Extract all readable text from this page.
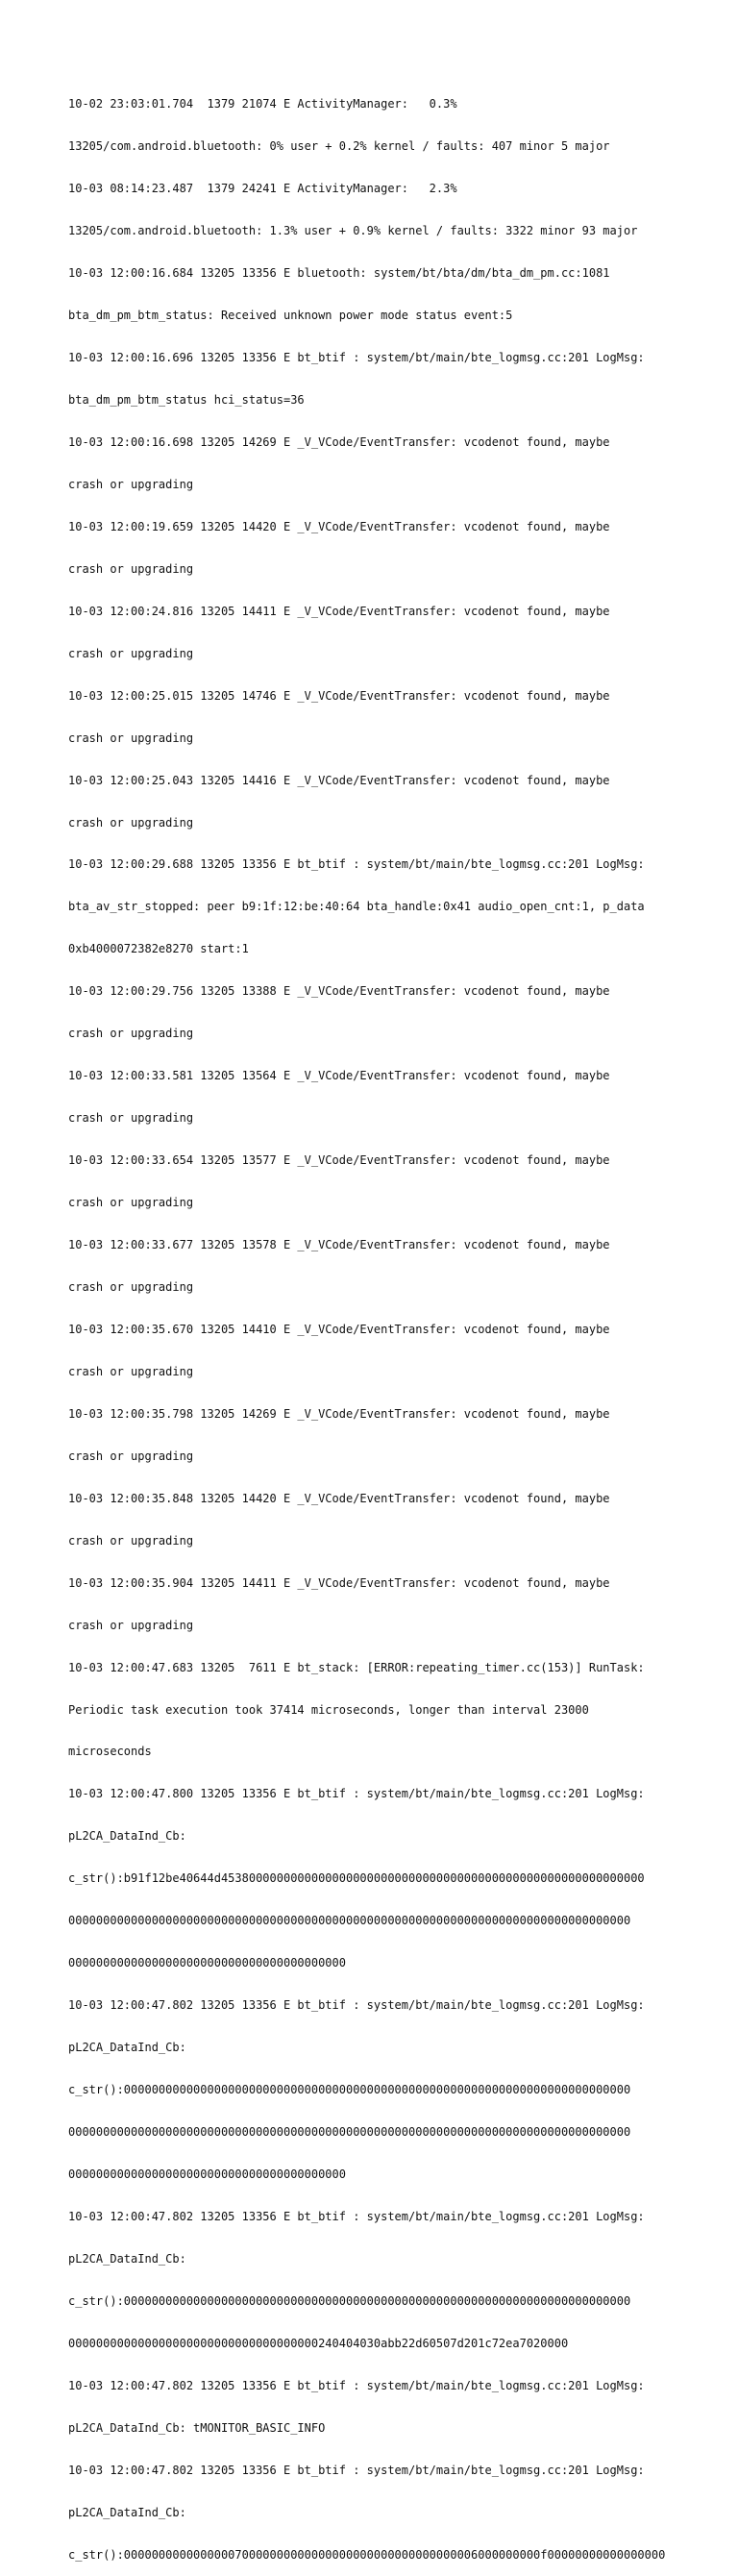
10-02 23:03:01.704  1379 21074 E ActivityManager:   0.3%

13205/com.android.bluetooth: 0% user + 0.2% kernel / faults: 407 minor 5 major

10-03 08:14:23.487  1379 24241 E ActivityManager:   2.3%

13205/com.android.bluetooth: 1.3% user + 0.9% kernel / faults: 3322 minor 93 major

10-03 12:00:16.684 13205 13356 E bluetooth: system/bt/bta/dm/bta_dm_pm.cc:1081

bta_dm_pm_btm_status: Received unknown power mode status event:5

10-03 12:00:16.696 13205 13356 E bt_btif : system/bt/main/bte_logmsg.cc:201 LogMsg:

bta_dm_pm_btm_status hci_status=36

10-03 12:00:16.698 13205 14269 E _V_VCode/EventTransfer: vcodenot found, maybe

crash or upgrading

10-03 12:00:19.659 13205 14420 E _V_VCode/EventTransfer: vcodenot found, maybe

crash or upgrading

10-03 12:00:24.816 13205 14411 E _V_VCode/EventTransfer: vcodenot found, maybe

crash or upgrading

10-03 12:00:25.015 13205 14746 E _V_VCode/EventTransfer: vcodenot found, maybe

crash or upgrading

10-03 12:00:25.043 13205 14416 E _V_VCode/EventTransfer: vcodenot found, maybe

crash or upgrading

10-03 12:00:29.688 13205 13356 E bt_btif : system/bt/main/bte_logmsg.cc:201 LogMsg:

bta_av_str_stopped: peer b9:1f:12:be:40:64 bta_handle:0x41 audio_open_cnt:1, p_data

0xb4000072382e8270 start:1

10-03 12:00:29.756 13205 13388 E _V_VCode/EventTransfer: vcodenot found, maybe

crash or upgrading

10-03 12:00:33.581 13205 13564 E _V_VCode/EventTransfer: vcodenot found, maybe

crash or upgrading

10-03 12:00:33.654 13205 13577 E _V_VCode/EventTransfer: vcodenot found, maybe

crash or upgrading

10-03 12:00:33.677 13205 13578 E _V_VCode/EventTransfer: vcodenot found, maybe

crash or upgrading

10-03 12:00:35.670 13205 14410 E _V_VCode/EventTransfer: vcodenot found, maybe

crash or upgrading

10-03 12:00:35.798 13205 14269 E _V_VCode/EventTransfer: vcodenot found, maybe

crash or upgrading

10-03 12:00:35.848 13205 14420 E _V_VCode/EventTransfer: vcodenot found, maybe

crash or upgrading

10-03 12:00:35.904 13205 14411 E _V_VCode/EventTransfer: vcodenot found, maybe

crash or upgrading

10-03 12:00:47.683 13205  7611 E bt_stack: [ERROR:repeating_timer.cc(153)] RunTask:

Periodic task execution took 37414 microseconds, longer than interval 23000

microseconds

10-03 12:00:47.800 13205 13356 E bt_btif : system/bt/main/bte_logmsg.cc:201 LogMsg:

pL2CA_DataInd_Cb:

c_str():b91f12be40644d4538000000000000000000000000000000000000000000000000000000000

000000000000000000000000000000000000000000000000000000000000000000000000000000000

0000000000000000000000000000000000000000

10-03 12:00:47.802 13205 13356 E bt_btif : system/bt/main/bte_logmsg.cc:201 LogMsg:

pL2CA_DataInd_Cb:

c_str():0000000000000000000000000000000000000000000000000000000000000000000000000

000000000000000000000000000000000000000000000000000000000000000000000000000000000

0000000000000000000000000000000000000000

10-03 12:00:47.802 13205 13356 E bt_btif : system/bt/main/bte_logmsg.cc:201 LogMsg:

pL2CA_DataInd_Cb:

c_str():0000000000000000000000000000000000000000000000000000000000000000000000000

000000000000000000000000000000000000240404030abb22d60507d201c72ea7020000

10-03 12:00:47.802 13205 13356 E bt_btif : system/bt/main/bte_logmsg.cc:201 LogMsg:

pL2CA_DataInd_Cb: tMONITOR_BASIC_INFO

10-03 12:00:47.802 13205 13356 E bt_btif : system/bt/main/bte_logmsg.cc:201 LogMsg:

pL2CA_DataInd_Cb:

c_str():000000000000000070000000000000000000000000000000006000000000f00000000000000000
